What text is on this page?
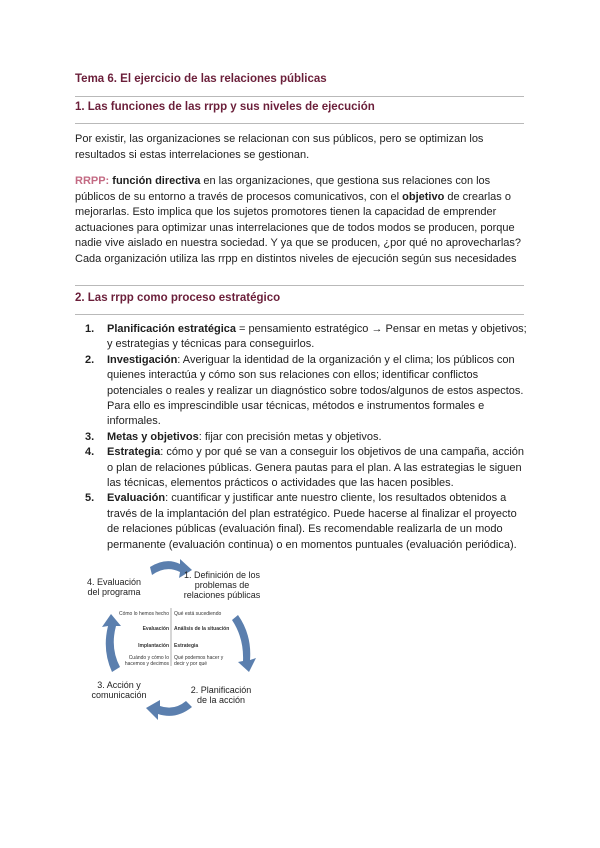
Tema 6. El ejercicio de las relaciones públicas
1. Las funciones de las rrpp y sus niveles de ejecución
Por existir, las organizaciones se relacionan con sus públicos, pero se optimizan los resultados si estas interrelaciones se gestionan.
RRPP: función directiva en las organizaciones, que gestiona sus relaciones con los públicos de su entorno a través de procesos comunicativos, con el objetivo de crearlas o mejorarlas. Esto implica que los sujetos promotores tienen la capacidad de emprender actuaciones para optimizar unas interrelaciones que de todos modos se producen, porque nadie vive aislado en nuestra sociedad. Y ya que se producen, ¿por qué no aprovecharlas? Cada organización utiliza las rrpp en distintos niveles de ejecución según sus necesidades
2. Las rrpp como proceso estratégico
1. Planificación estratégica = pensamiento estratégico → Pensar en metas y objetivos; y estrategias y técnicas para conseguirlos.
2. Investigación: Averiguar la identidad de la organización y el clima; los públicos con quienes interactúa y cómo son sus relaciones con ellos; identificar conflictos potenciales o reales y realizar un diagnóstico sobre todos/algunos de estos aspectos. Para ello es imprescindible usar técnicas, métodos e instrumentos formales e informales.
3. Metas y objetivos: fijar con precisión metas y objetivos.
4. Estrategia: cómo y por qué se van a conseguir los objetivos de una campaña, acción o plan de relaciones públicas. Genera pautas para el plan. A las estrategias le siguen las técnicas, elementos prácticos o actividades que las hacen posibles.
5. Evaluación: cuantificar y justificar ante nuestro cliente, los resultados obtenidos a través de la implantación del plan estratégico. Puede hacerse al finalizar el proyecto de relaciones públicas (evaluación final). Es recomendable realizarla de un modo permanente (evaluación continua) o en momentos puntuales (evaluación periódica).
4. Evaluación del programa
1. Definición de los problemas de relaciones públicas
2. Planificación de la acción
3. Acción y comunicación
Cómo lo hemos hecho
Evaluación
Implantación
Cuándo y cómo lo hacemos y decimos
Qué está sucediendo
Análisis de la situación
Estrategia
Qué podemos hacer y decir y por qué
